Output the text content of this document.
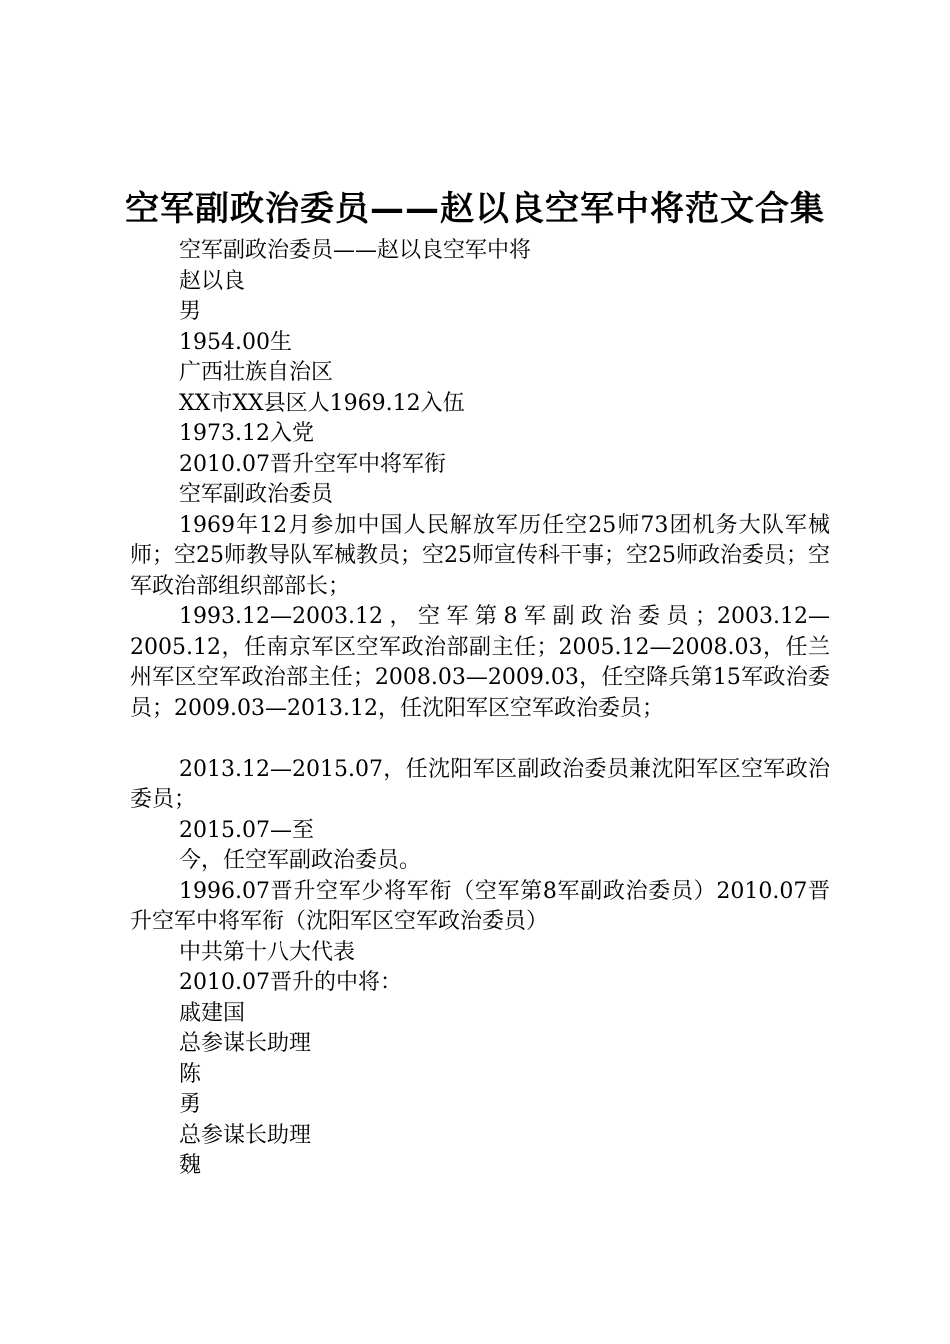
空军副政治委员——赵以良空军中将范文合集

空军副政治委员——赵以良空军中将

赵以良

男

1954.00生

广西壮族自治区

XX市XX县区人1969.12入伍

1973.12入党

2010.07晋升空军中将军衔

空军副政治委员

1969年12月参加中国人民解放军历任空25师73团机务大队军械师；空25师教导队军械教员；空25师宣传科干事；空25师政治委员；空军政治部组织部部长；

1993.12—2003.12，空军第8军副政治委员；2003.12—2005.12，任南京军区空军政治部副主任；2005.12—2008.03，任兰州军区空军政治部主任；2008.03—2009.03，任空降兵第15军政治委员；2009.03—2013.12，任沈阳军区空军政治委员；

2013.12—2015.07，任沈阳军区副政治委员兼沈阳军区空军政治委员；

2015.07—至

今，任空军副政治委员。

1996.07晋升空军少将军衔（空军第8军副政治委员）2010.07晋升空军中将军衔（沈阳军区空军政治委员）

中共第十八大代表

2010.07晋升的中将：

戚建国

总参谋长助理

陈

勇

总参谋长助理

魏
